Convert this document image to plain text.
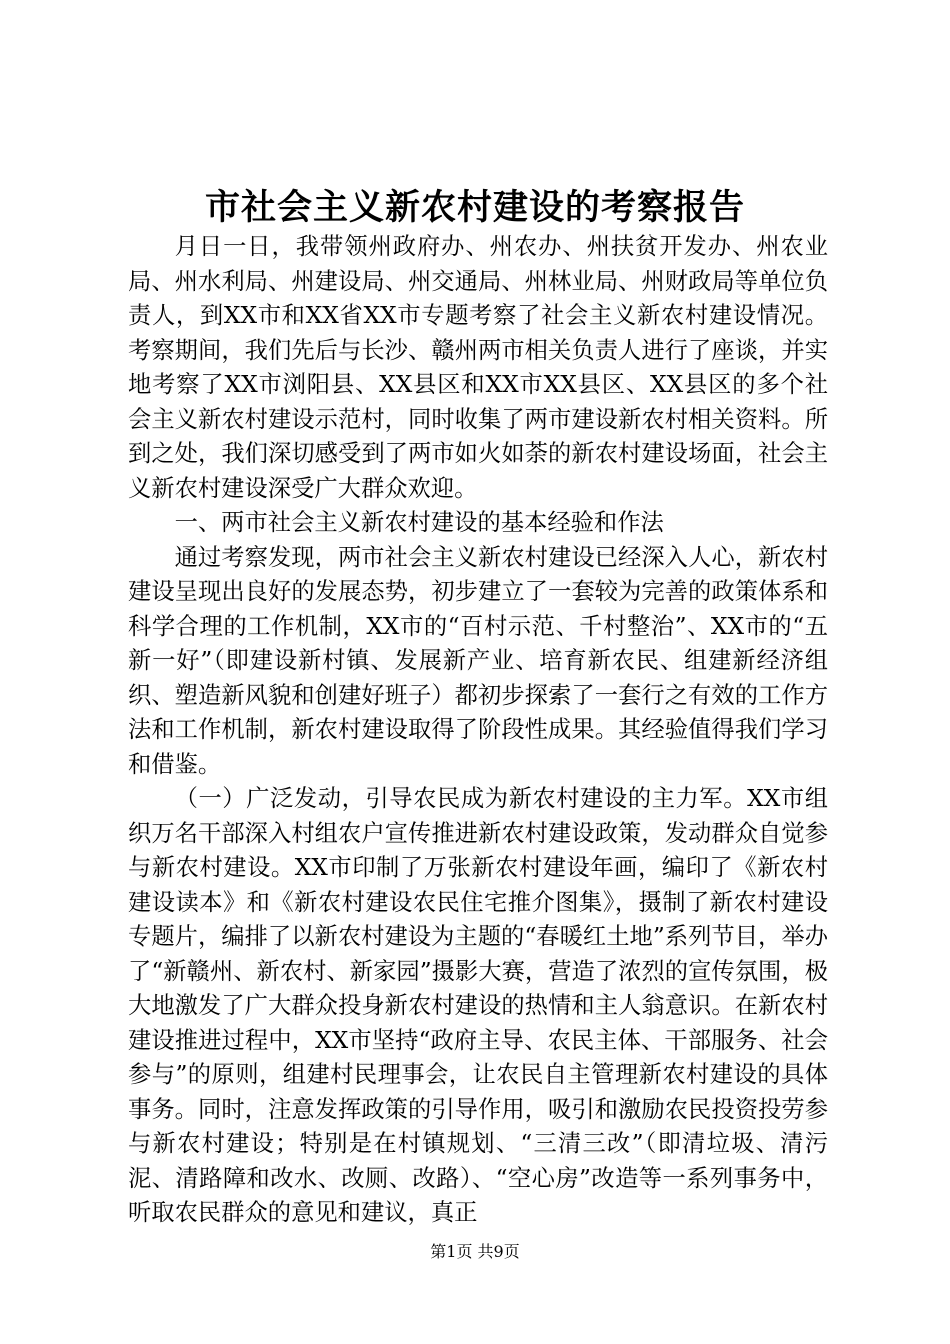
市社会主义新农村建设的考察报告

月日一日，我带领州政府办、州农办、州扶贫开发办、州农业局、州水利局、州建设局、州交通局、州林业局、州财政局等单位负责人，到XX市和XX省XX市专题考察了社会主义新农村建设情况。考察期间，我们先后与长沙、赣州两市相关负责人进行了座谈，并实地考察了XX市浏阳县、XX县区和XX市XX县区、XX县区的多个社会主义新农村建设示范村，同时收集了两市建设新农村相关资料。所到之处，我们深切感受到了两市如火如荼的新农村建设场面，社会主义新农村建设深受广大群众欢迎。

一、两市社会主义新农村建设的基本经验和作法

通过考察发现，两市社会主义新农村建设已经深入人心，新农村建设呈现出良好的发展态势，初步建立了一套较为完善的政策体系和科学合理的工作机制，XX市的“百村示范、千村整治”、XX市的“五新一好”（即建设新村镇、发展新产业、培育新农民、组建新经济组织、塑造新风貌和创建好班子）都初步探索了一套行之有效的工作方法和工作机制，新农村建设取得了阶段性成果。其经验值得我们学习和借鉴。

（一）广泛发动，引导农民成为新农村建设的主力军。XX市组织万名干部深入村组农户宣传推进新农村建设政策，发动群众自觉参与新农村建设。XX市印制了万张新农村建设年画，编印了《新农村建设读本》和《新农村建设农民住宅推介图集》，摄制了新农村建设专题片，编排了以新农村建设为主题的“春暖红土地”系列节目，举办了“新赣州、新农村、新家园”摄影大赛，营造了浓烈的宣传氛围，极大地激发了广大群众投身新农村建设的热情和主人翁意识。在新农村建设推进过程中，XX市坚持“政府主导、农民主体、干部服务、社会参与”的原则，组建村民理事会，让农民自主管理新农村建设的具体事务。同时，注意发挥政策的引导作用，吸引和激励农民投资投劳参与新农村建设；特别是在村镇规划、“三清三改”（即清垃圾、清污泥、清路障和改水、改厕、改路）、“空心房”改造等一系列事务中，听取农民群众的意见和建议，真正

第1页 共9页
